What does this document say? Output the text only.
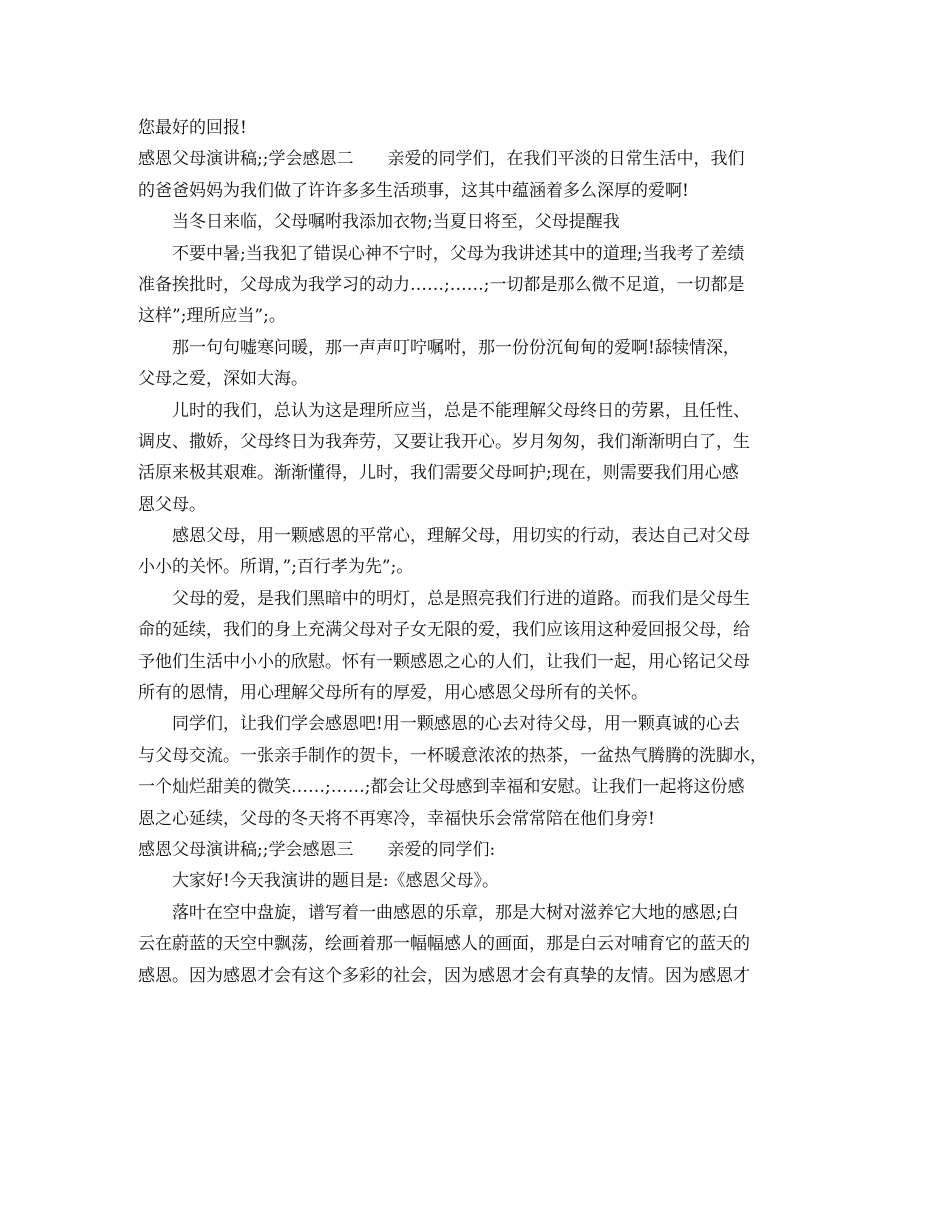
您最好的回报!
感恩父母演讲稿;;学会感恩二　　亲爱的同学们，在我们平淡的日常生活中，我们
的爸爸妈妈为我们做了许许多多生活琐事，这其中蕴涵着多么深厚的爱啊!
当冬日来临，父母嘱咐我添加衣物;当夏日将至，父母提醒我
不要中暑;当我犯了错误心神不宁时，父母为我讲述其中的道理;当我考了差绩
准备挨批时，父母成为我学习的动力……;……;一切都是那么微不足道，一切都是
这样”;理所应当”;。
那一句句嘘寒问暖，那一声声叮咛嘱咐，那一份份沉甸甸的爱啊!舔犊情深，
父母之爱，深如大海。
儿时的我们，总认为这是理所应当，总是不能理解父母终日的劳累，且任性、
调皮、撒娇，父母终日为我奔劳，又要让我开心。岁月匆匆，我们渐渐明白了，生
活原来极其艰难。渐渐懂得，儿时，我们需要父母呵护;现在，则需要我们用心感
恩父母。
感恩父母，用一颗感恩的平常心，理解父母，用切实的行动，表达自己对父母
小小的关怀。所谓，”;百行孝为先”;。
父母的爱，是我们黑暗中的明灯，总是照亮我们行进的道路。而我们是父母生
命的延续，我们的身上充满父母对子女无限的爱，我们应该用这种爱回报父母，给
予他们生活中小小的欣慰。怀有一颗感恩之心的人们，让我们一起，用心铭记父母
所有的恩情，用心理解父母所有的厚爱，用心感恩父母所有的关怀。
同学们，让我们学会感恩吧!用一颗感恩的心去对待父母，用一颗真诚的心去
与父母交流。一张亲手制作的贺卡，一杯暖意浓浓的热茶，一盆热气腾腾的洗脚水，
一个灿烂甜美的微笑……;……;都会让父母感到幸福和安慰。让我们一起将这份感
恩之心延续，父母的冬天将不再寒冷，幸福快乐会常常陪在他们身旁!
感恩父母演讲稿;;学会感恩三　　亲爱的同学们:
大家好!今天我演讲的题目是:《感恩父母》。
落叶在空中盘旋，谱写着一曲感恩的乐章，那是大树对滋养它大地的感恩;白
云在蔚蓝的天空中飘荡，绘画着那一幅幅感人的画面，那是白云对哺育它的蓝天的
感恩。因为感恩才会有这个多彩的社会，因为感恩才会有真挚的友情。因为感恩才
